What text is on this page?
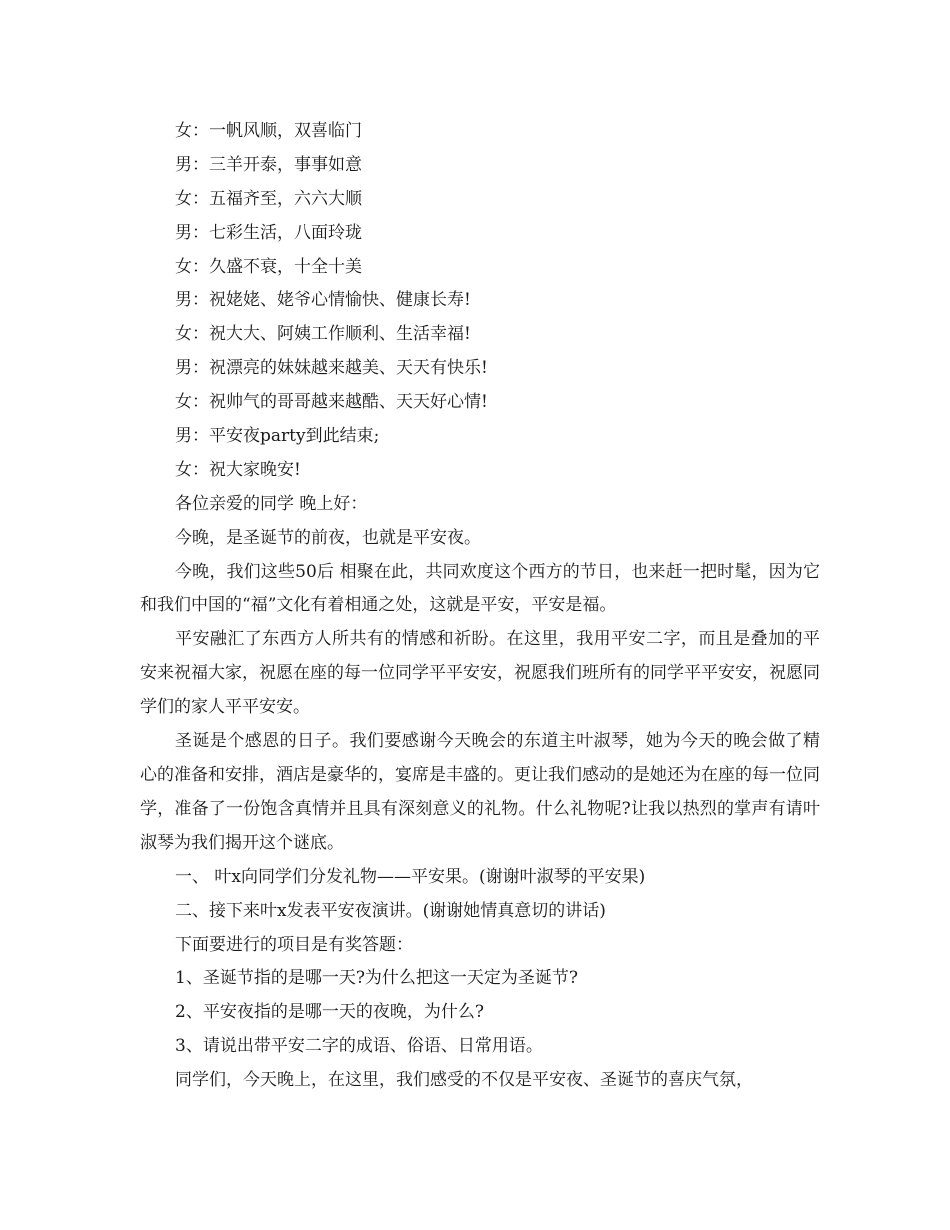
女：一帆风顺，双喜临门
男：三羊开泰，事事如意
女：五福齐至，六六大顺
男：七彩生活，八面玲珑
女：久盛不衰，十全十美
男：祝姥姥、姥爷心情愉快、健康长寿!
女：祝大大、阿姨工作顺利、生活幸福!
男：祝漂亮的妹妹越来越美、天天有快乐!
女：祝帅气的哥哥越来越酷、天天好心情!
男：平安夜party到此结束;
女：祝大家晚安!
各位亲爱的同学 晚上好：
今晚，是圣诞节的前夜，也就是平安夜。

今晚，我们这些50后 相聚在此，共同欢度这个西方的节日，也来赶一把时髦，因为它和我们中国的“福”文化有着相通之处，这就是平安，平安是福。

平安融汇了东西方人所共有的情感和祈盼。在这里，我用平安二字，而且是叠加的平安来祝福大家，祝愿在座的每一位同学平平安安，祝愿我们班所有的同学平平安安，祝愿同学们的家人平平安安。

圣诞是个感恩的日子。我们要感谢今天晚会的东道主叶淑琴，她为今天的晚会做了精心的准备和安排，酒店是豪华的，宴席是丰盛的。更让我们感动的是她还为在座的每一位同学，准备了一份饱含真情并且具有深刻意义的礼物。什么礼物呢?让我以热烈的掌声有请叶淑琴为我们揭开这个谜底。

一、 叶x向同学们分发礼物——平安果。(谢谢叶淑琴的平安果)
二、接下来叶x发表平安夜演讲。(谢谢她情真意切的讲话)
下面要进行的项目是有奖答题：
1、圣诞节指的是哪一天?为什么把这一天定为圣诞节?
2、平安夜指的是哪一天的夜晚，为什么?
3、请说出带平安二字的成语、俗语、日常用语。
同学们，今天晚上，在这里，我们感受的不仅是平安夜、圣诞节的喜庆气氛，
